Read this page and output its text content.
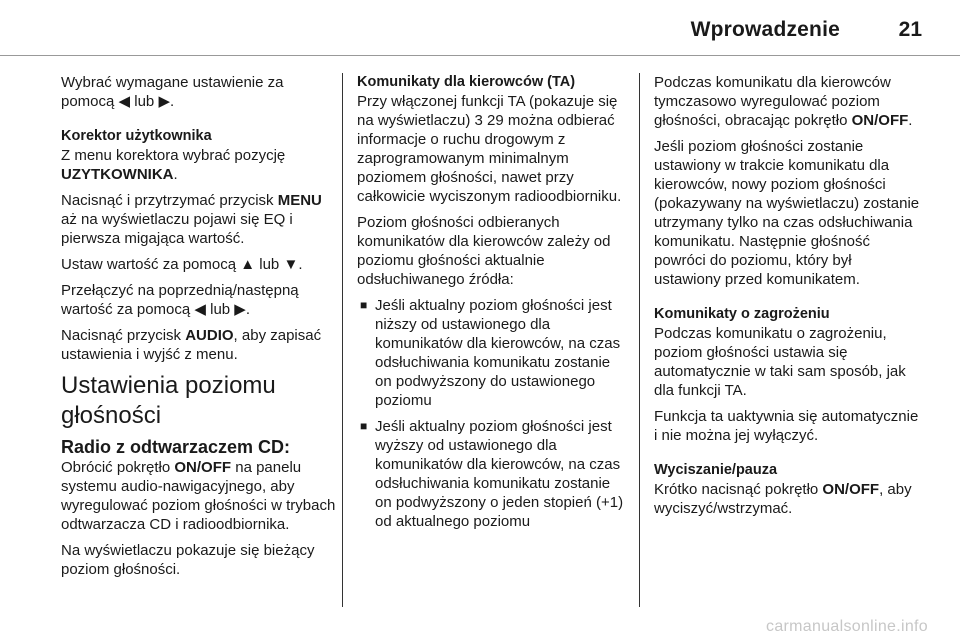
Wprowadzenie	21

Wybrać wymagane ustawienie za pomocą ◀ lub ▶.

Korektor użytkownika

Z menu korektora wybrać pozycję UZYTKOWNIKA.

Nacisnąć i przytrzymać przycisk MENU aż na wyświetlaczu pojawi się EQ i pierwsza migająca wartość.

Ustaw wartość za pomocą ▲ lub ▼.

Przełączyć na poprzednią/następną wartość za pomocą ◀ lub ▶.

Nacisnąć przycisk AUDIO, aby zapisać ustawienia i wyjść z menu.

Ustawienia poziomu głośności
Radio z odtwarzaczem CD:

Obrócić pokrętło ON/OFF na panelu systemu audio-nawigacyjnego, aby wyregulować poziom głośności w trybach odtwarzacza CD i radioodbiornika.

Na wyświetlaczu pokazuje się bieżący poziom głośności.

Komunikaty dla kierowców (TA)

Przy włączonej funkcji TA (pokazuje się na wyświetlaczu) 3 29 można odbierać informacje o ruchu drogowym z zaprogramowanym minimalnym poziomem głośności, nawet przy całkowicie wyciszonym radioodbiorniku.

Poziom głośności odbieranych komunikatów dla kierowców zależy od poziomu głośności aktualnie odsłuchiwanego źródła:

■ Jeśli aktualny poziom głośności jest niższy od ustawionego dla komunikatów dla kierowców, na czas odsłuchiwania komunikatu zostanie on podwyższony do ustawionego poziomu
■ Jeśli aktualny poziom głośności jest wyższy od ustawionego dla komunikatów dla kierowców, na czas odsłuchiwania komunikatu zostanie on podwyższony o jeden stopień (+1) od aktualnego poziomu

Podczas komunikatu dla kierowców tymczasowo wyregulować poziom głośności, obracając pokrętło ON/OFF.

Jeśli poziom głośności zostanie ustawiony w trakcie komunikatu dla kierowców, nowy poziom głośności (pokazywany na wyświetlaczu) zostanie utrzymany tylko na czas odsłuchiwania komunikatu. Następnie głośność powróci do poziomu, który był ustawiony przed komunikatem.

Komunikaty o zagrożeniu

Podczas komunikatu o zagrożeniu, poziom głośności ustawia się automatycznie w taki sam sposób, jak dla funkcji TA.

Funkcja ta uaktywnia się automatycznie i nie można jej wyłączyć.

Wyciszanie/pauza

Krótko nacisnąć pokrętło ON/OFF, aby wyciszyć/wstrzymać.

carmanualsonline.info
